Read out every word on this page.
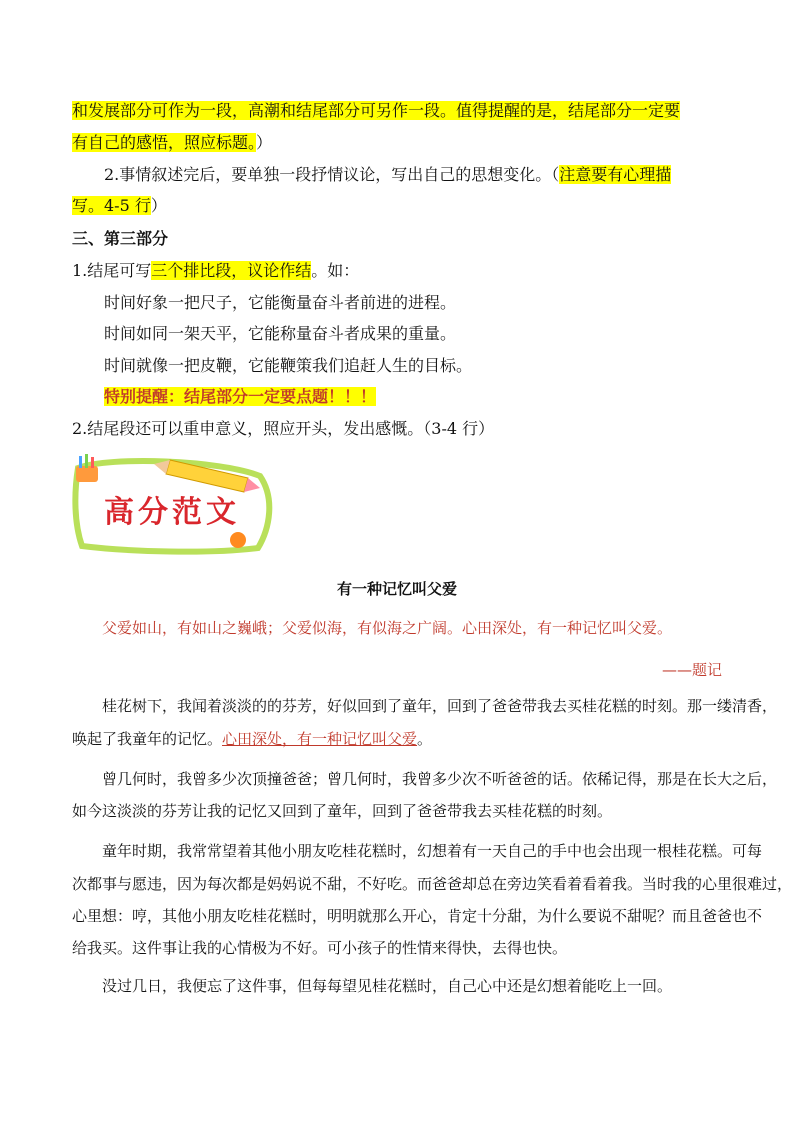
和发展部分可作为一段，高潮和结尾部分可另作一段。值得提醒的是，结尾部分一定要
有自己的感悟，照应标题。）
2.事情叙述完后，要单独一段抒情议论，写出自己的思想变化。（注意要有心理描
写。4-5 行）
三、第三部分
1.结尾可写三个排比段，议论作结。如：
时间好象一把尺子，它能衡量奋斗者前进的进程。
时间如同一架天平，它能称量奋斗者成果的重量。
时间就像一把皮鞭，它能鞭策我们追赶人生的目标。
特别提醒：结尾部分一定要点题！！！
2.结尾段还可以重申意义，照应开头，发出感慨。（3-4 行）
高分范文
有一种记忆叫父爱
父爱如山，有如山之巍峨；父爱似海，有似海之广阔。心田深处，有一种记忆叫父爱。
——题记
桂花树下，我闻着淡淡的的芬芳，好似回到了童年，回到了爸爸带我去买桂花糕的时刻。那一缕清香，
唤起了我童年的记忆。心田深处，有一种记忆叫父爱。
曾几何时，我曾多少次顶撞爸爸；曾几何时，我曾多少次不听爸爸的话。依稀记得，那是在长大之后，
如今这淡淡的芬芳让我的记忆又回到了童年，回到了爸爸带我去买桂花糕的时刻。
童年时期，我常常望着其他小朋友吃桂花糕时，幻想着有一天自己的手中也会出现一根桂花糕。可每
次都事与愿违，因为每次都是妈妈说不甜，不好吃。而爸爸却总在旁边笑看着看着我。当时我的心里很难过，
心里想：哼，其他小朋友吃桂花糕时，明明就那么开心，肯定十分甜，为什么要说不甜呢？而且爸爸也不
给我买。这件事让我的心情极为不好。可小孩子的性情来得快，去得也快。
没过几日，我便忘了这件事，但每每望见桂花糕时，自己心中还是幻想着能吃上一回。
